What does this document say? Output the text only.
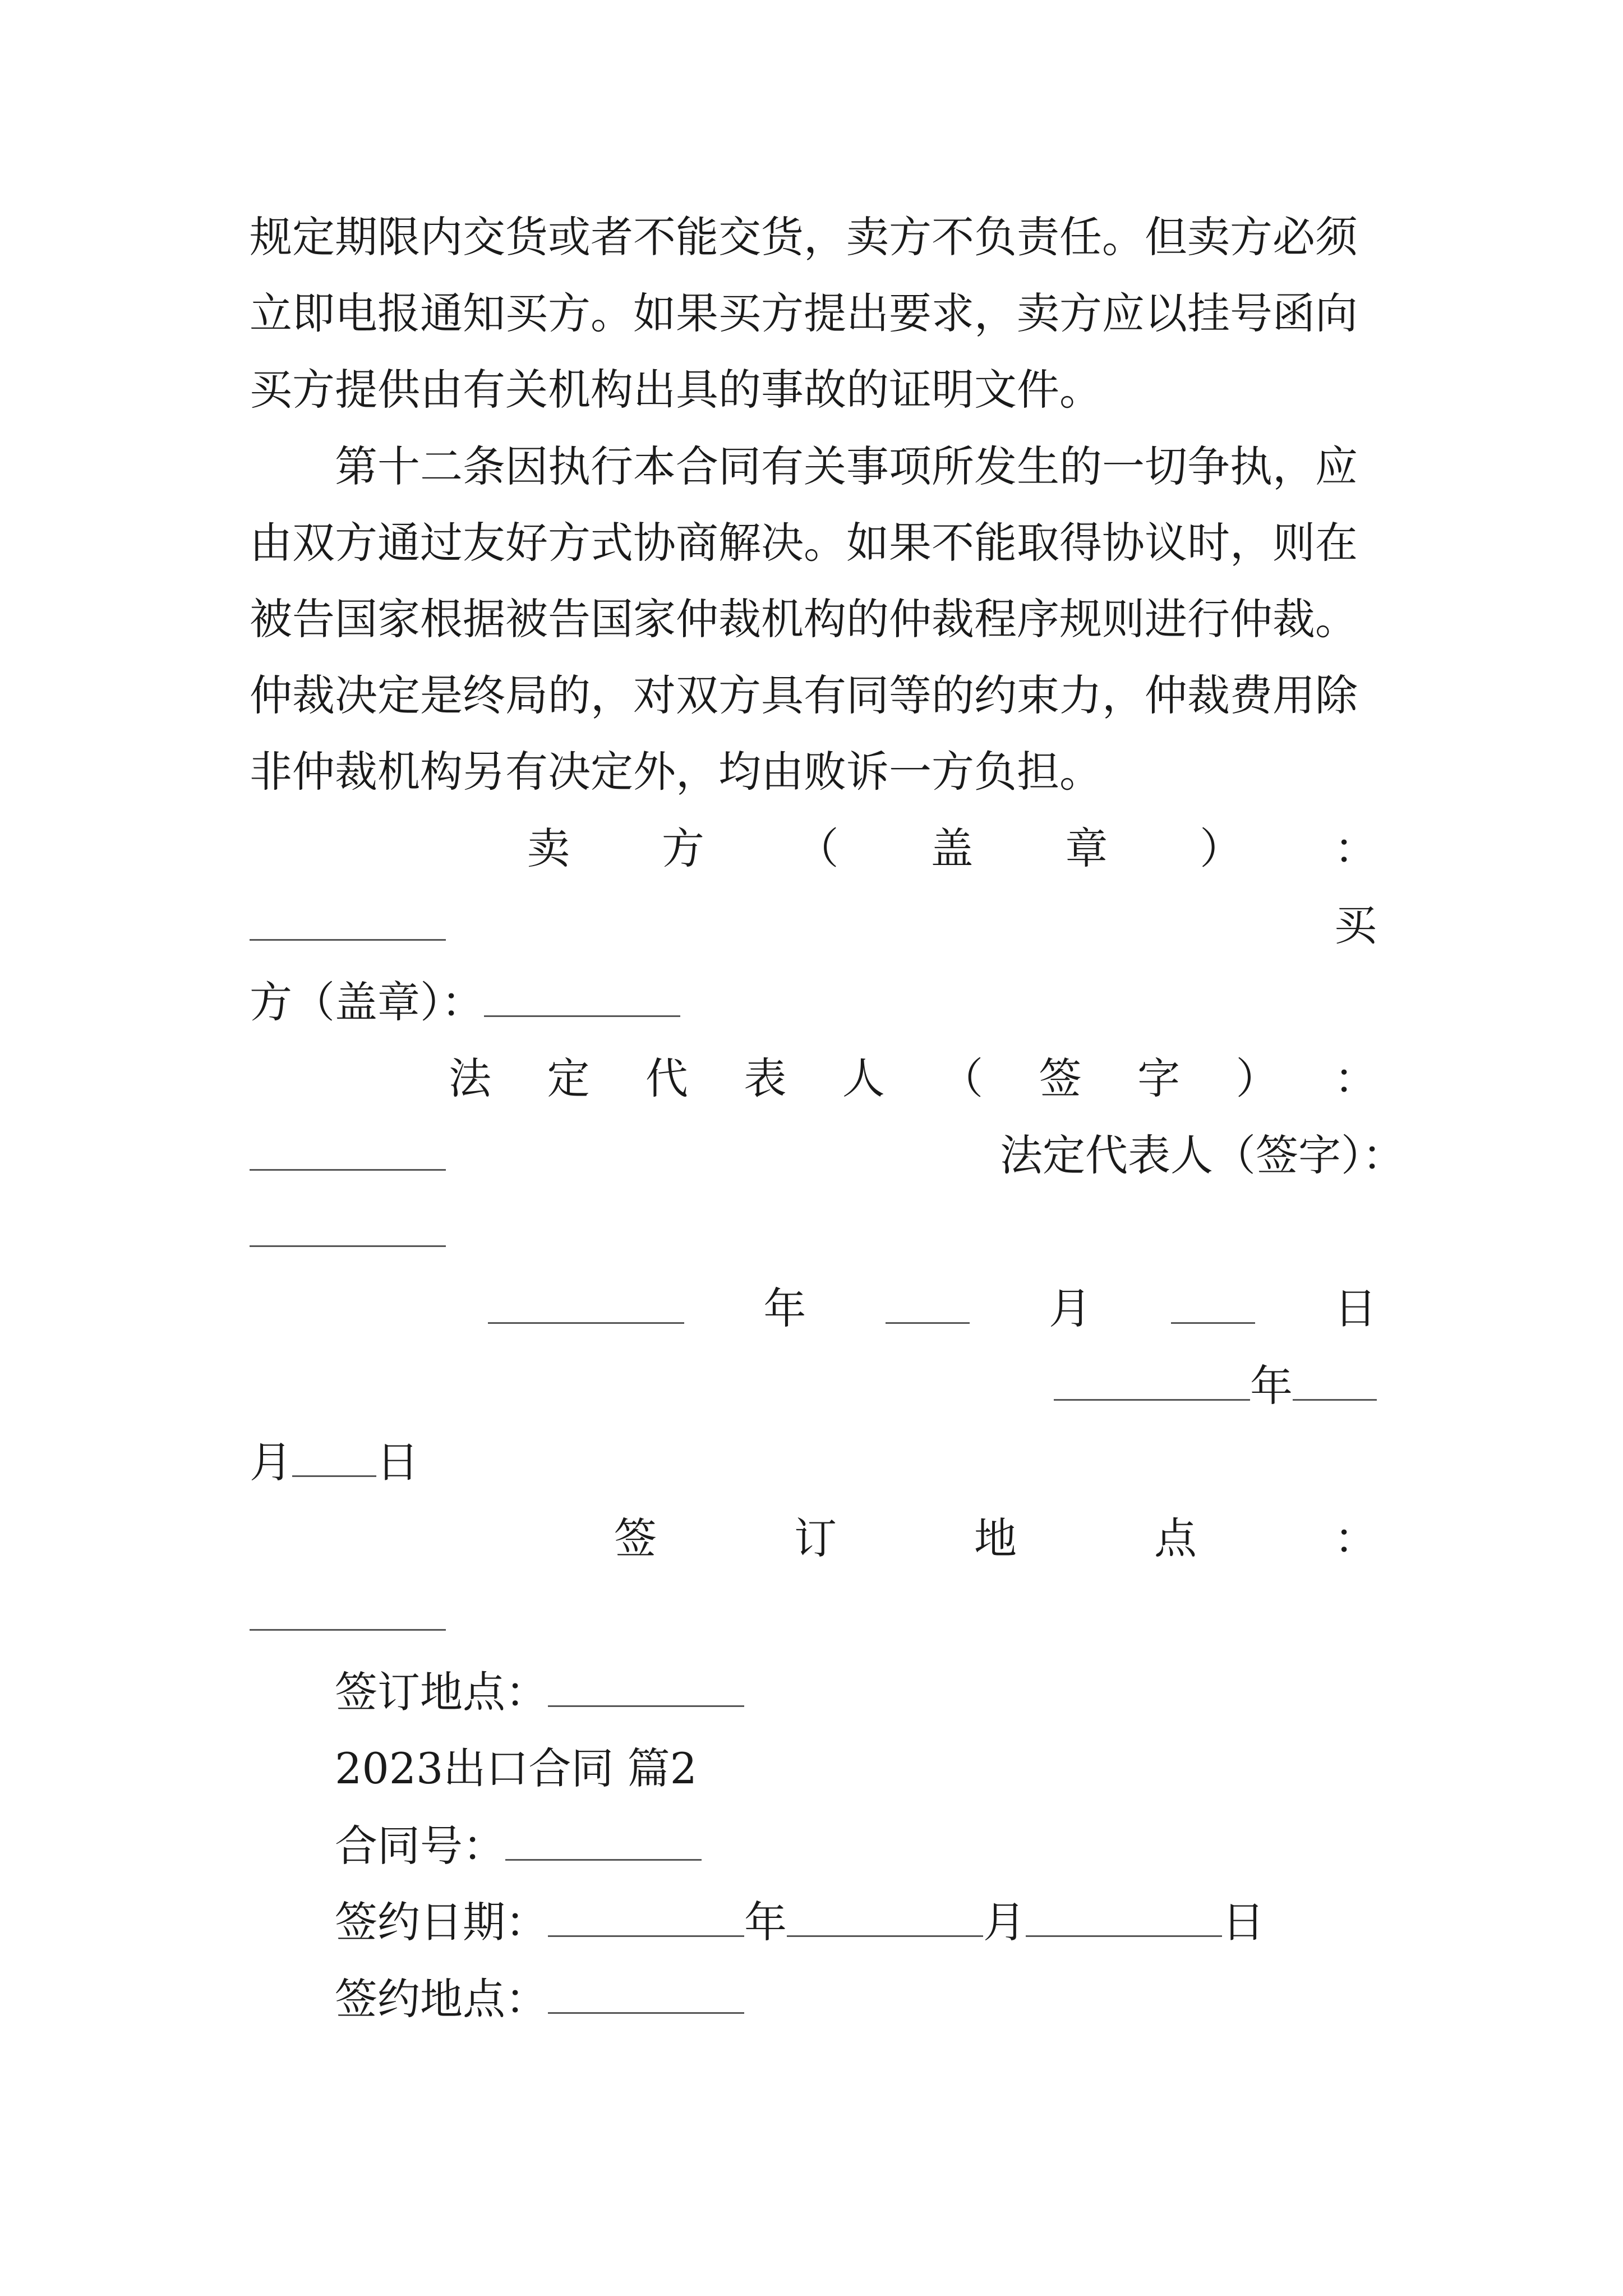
规定期限内交货或者不能交货，卖方不负责任。但卖方必须立即电报通知买方。如果买方提出要求，卖方应以挂号函向买方提供由有关机构出具的事故的证明文件。

第十二条因执行本合同有关事项所发生的一切争执，应由双方通过友好方式协商解决。如果不能取得协议时，则在被告国家根据被告国家仲裁机构的仲裁程序规则进行仲裁。仲裁决定是终局的，对双方具有同等的约束力，仲裁费用除非仲裁机构另有决定外，均由败诉一方负担。

卖 方 （ 盖 章 ） ：
买
方（盖章）：
法 定 代 表 人 （ 签 字 ） ：
法定代表人（签字）：
年	月	日
年
月 日
签	订	地	点	：
签订地点：
2023出口合同 篇2
合同号：
签约日期：	年	月	日
签约地点：
